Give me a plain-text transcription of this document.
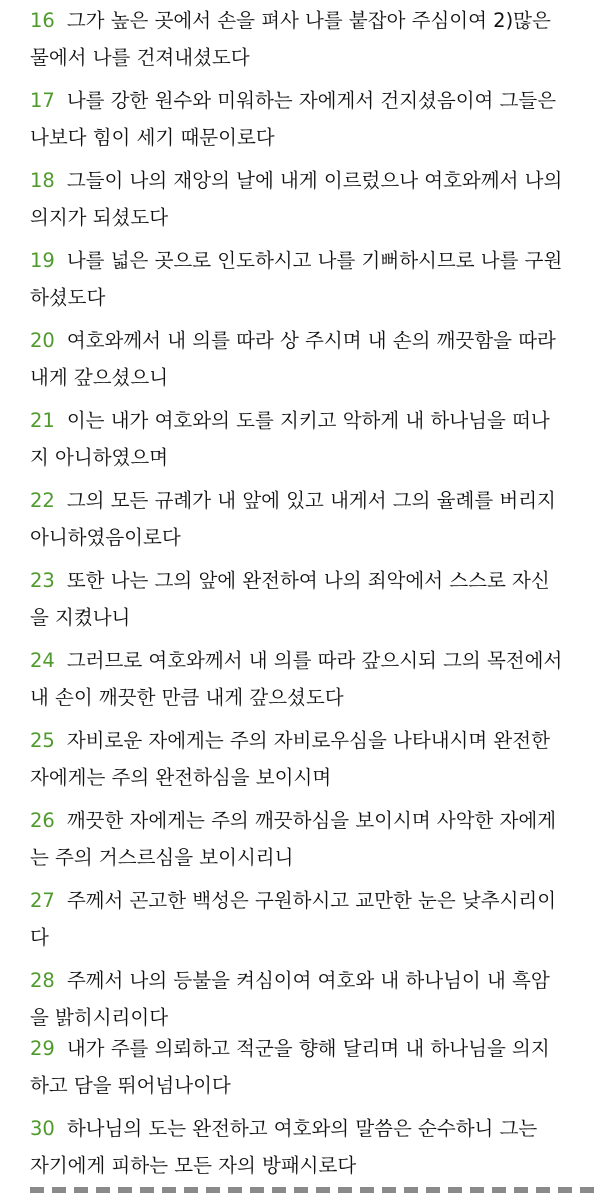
16 그가 높은 곳에서 손을 펴사 나를 붙잡아 주심이여 2)많은
물에서 나를 건져내셨도다
17 나를 강한 원수와 미워하는 자에게서 건지셨음이여 그들은
나보다 힘이 세기 때문이로다
18 그들이 나의 재앙의 날에 내게 이르렀으나 여호와께서 나의
의지가 되셨도다
19 나를 넓은 곳으로 인도하시고 나를 기뻐하시므로 나를 구원
하셨도다
20 여호와께서 내 의를 따라 상 주시며 내 손의 깨끗함을 따라
내게 갚으셨으니
21 이는 내가 여호와의 도를 지키고 악하게 내 하나님을 떠나
지 아니하였으며
22 그의 모든 규례가 내 앞에 있고 내게서 그의 율례를 버리지
아니하였음이로다
23 또한 나는 그의 앞에 완전하여 나의 죄악에서 스스로 자신
을 지켰나니
24 그러므로 여호와께서 내 의를 따라 갚으시되 그의 목전에서
내 손이 깨끗한 만큼 내게 갚으셨도다
25 자비로운 자에게는 주의 자비로우심을 나타내시며 완전한
자에게는 주의 완전하심을 보이시며
26 깨끗한 자에게는 주의 깨끗하심을 보이시며 사악한 자에게
는 주의 거스르심을 보이시리니
27 주께서 곤고한 백성은 구원하시고 교만한 눈은 낮추시리이
다
28 주께서 나의 등불을 켜심이여 여호와 내 하나님이 내 흑암
을 밝히시리이다
29 내가 주를 의뢰하고 적군을 향해 달리며 내 하나님을 의지
하고 담을 뛰어넘나이다
30 하나님의 도는 완전하고 여호와의 말씀은 순수하니 그는
자기에게 피하는 모든 자의 방패시로다
